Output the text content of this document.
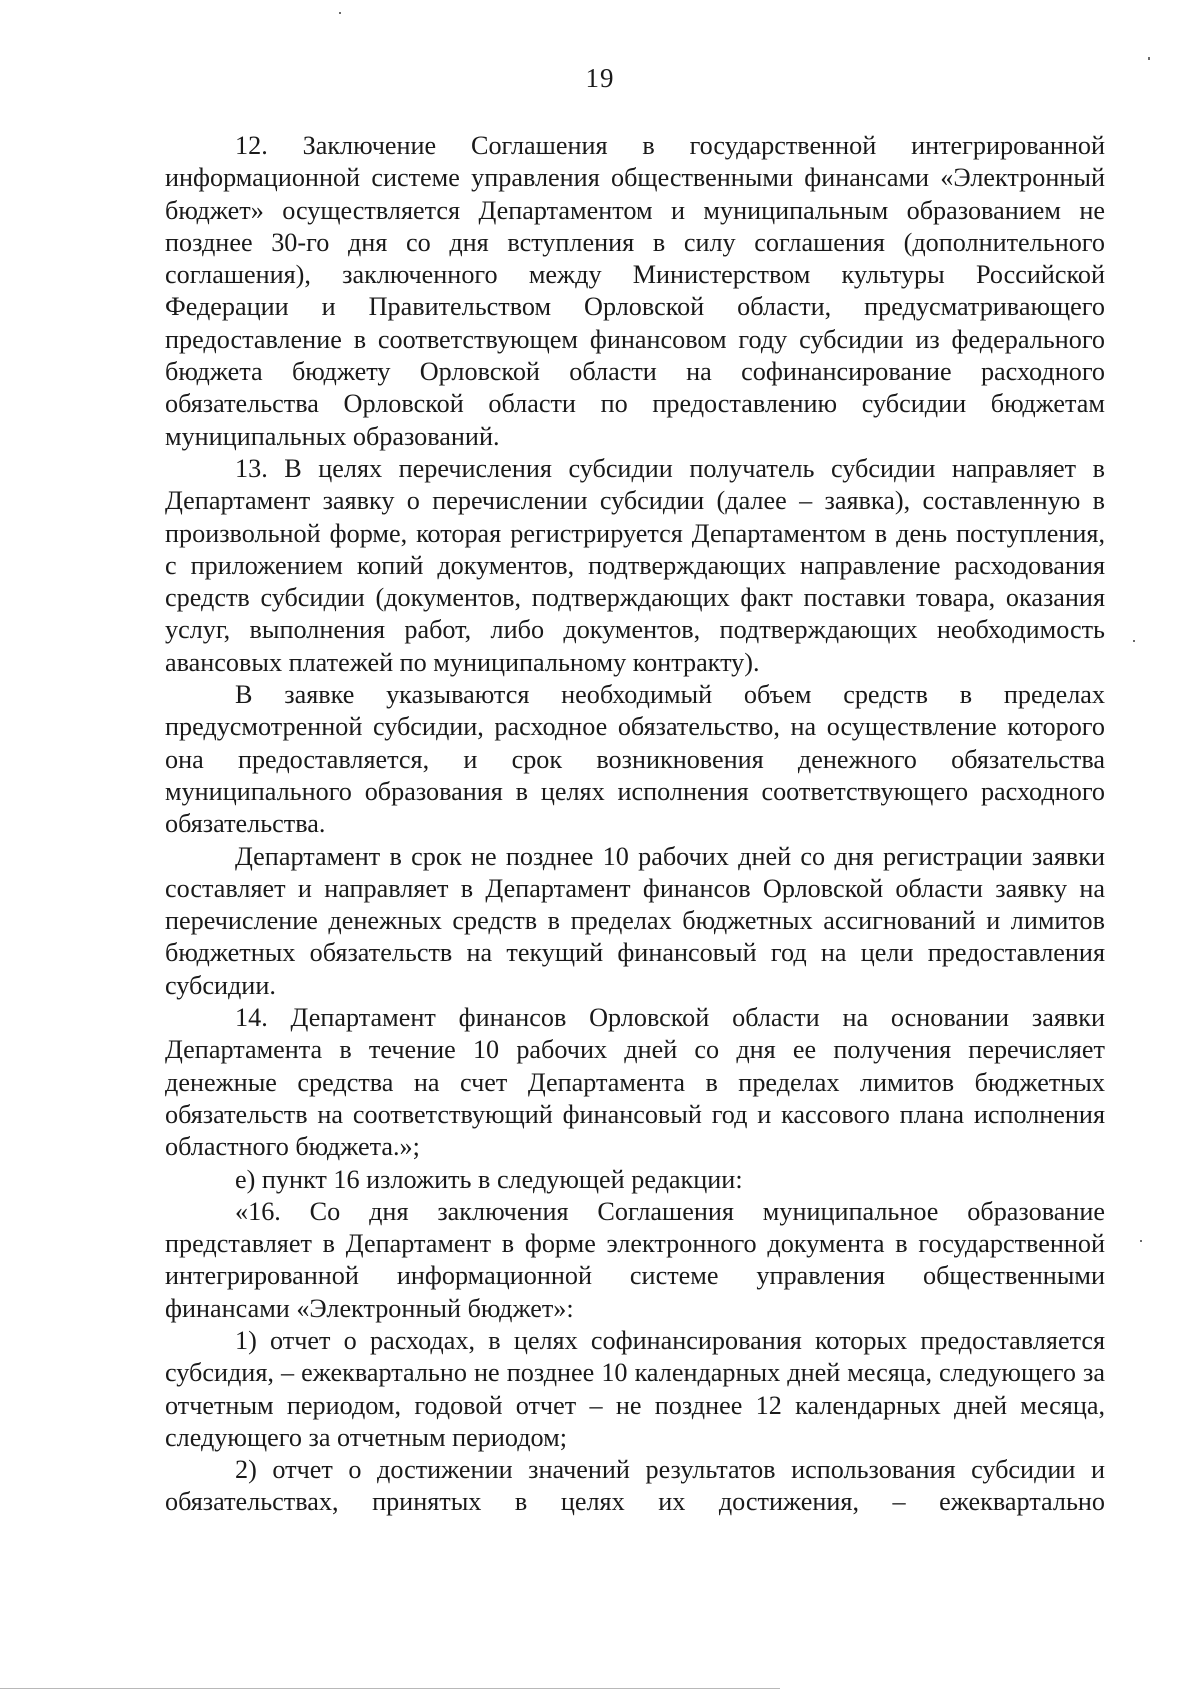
19

12. Заключение Соглашения в государственной интегрированной информационной системе управления общественными финансами «Электронный бюджет» осуществляется Департаментом и муниципальным образованием не позднее 30-го дня со дня вступления в силу соглашения (дополнительного соглашения), заключенного между Министерством культуры Российской Федерации и Правительством Орловской области, предусматривающего предоставление в соответствующем финансовом году субсидии из федерального бюджета бюджету Орловской области на софинансирование расходного обязательства Орловской области по предоставлению субсидии бюджетам муниципальных образований.

13. В целях перечисления субсидии получатель субсидии направляет в Департамент заявку о перечислении субсидии (далее – заявка), составленную в произвольной форме, которая регистрируется Департаментом в день поступления, с приложением копий документов, подтверждающих направление расходования средств субсидии (документов, подтверждающих факт поставки товара, оказания услуг, выполнения работ, либо документов, подтверждающих необходимость авансовых платежей по муниципальному контракту).

В заявке указываются необходимый объем средств в пределах предусмотренной субсидии, расходное обязательство, на осуществление которого она предоставляется, и срок возникновения денежного обязательства муниципального образования в целях исполнения соответствующего расходного обязательства.

Департамент в срок не позднее 10 рабочих дней со дня регистрации заявки составляет и направляет в Департамент финансов Орловской области заявку на перечисление денежных средств в пределах бюджетных ассигнований и лимитов бюджетных обязательств на текущий финансовый год на цели предоставления субсидии.

14. Департамент финансов Орловской области на основании заявки Департамента в течение 10 рабочих дней со дня ее получения перечисляет денежные средства на счет Департамента в пределах лимитов бюджетных обязательств на соответствующий финансовый год и кассового плана исполнения областного бюджета.»;

е) пункт 16 изложить в следующей редакции:

«16. Со дня заключения Соглашения муниципальное образование представляет в Департамент в форме электронного документа в государственной интегрированной информационной системе управления общественными финансами «Электронный бюджет»:

1) отчет о расходах, в целях софинансирования которых предоставляется субсидия, – ежеквартально не позднее 10 календарных дней месяца, следующего за отчетным периодом, годовой отчет – не позднее 12 календарных дней месяца, следующего за отчетным периодом;

2) отчет о достижении значений результатов использования субсидии и обязательствах, принятых в целях их достижения, – ежеквартально
